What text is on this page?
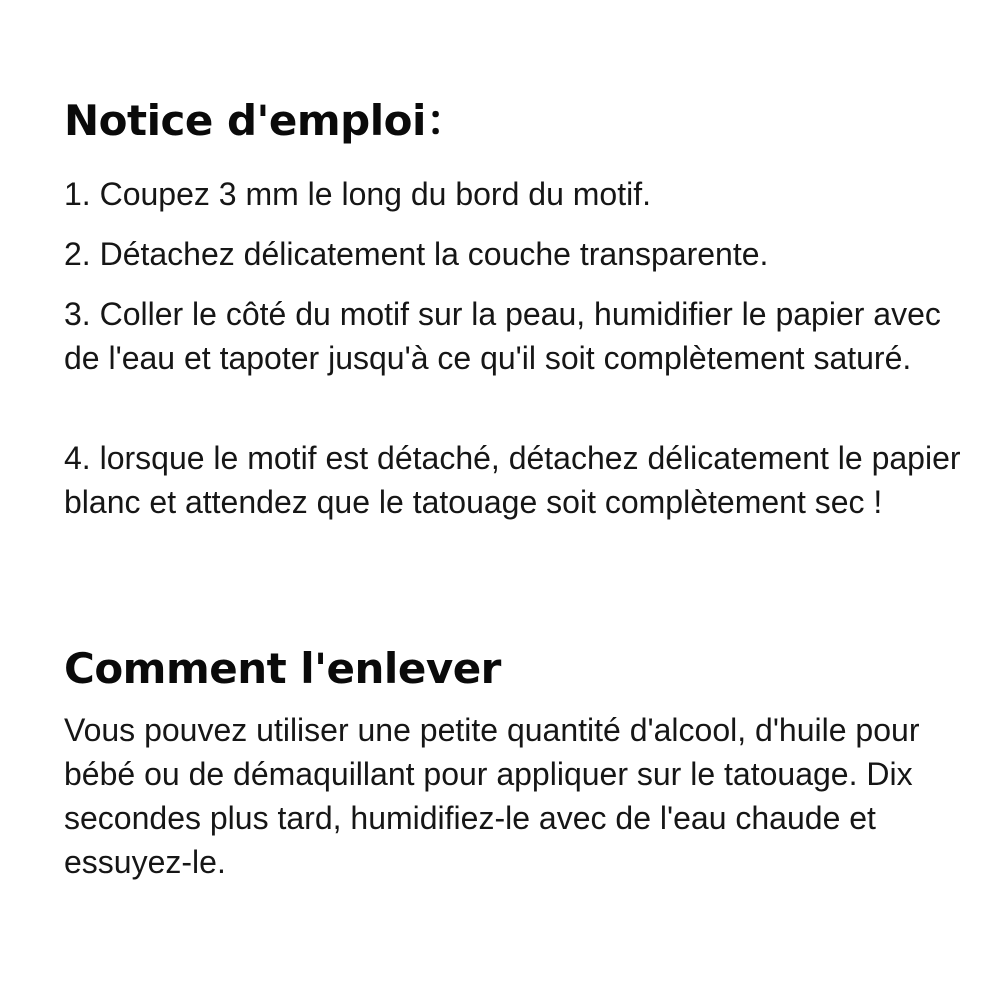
Notice d'emploi：

1. Coupez 3 mm le long du bord du motif.

2. Détachez délicatement la couche transparente.

3. Coller le côté du motif sur la peau, humidifier le papier avec de l'eau et tapoter jusqu'à ce qu'il soit complètement saturé.

4. lorsque le motif est détaché, détachez délicatement le papier blanc et attendez que le tatouage soit complètement sec !

Comment l'enlever

Vous pouvez utiliser une petite quantité d'alcool, d'huile pour bébé ou de démaquillant pour appliquer sur le tatouage. Dix secondes plus tard, humidifiez-le avec de l'eau chaude et essuyez-le.
